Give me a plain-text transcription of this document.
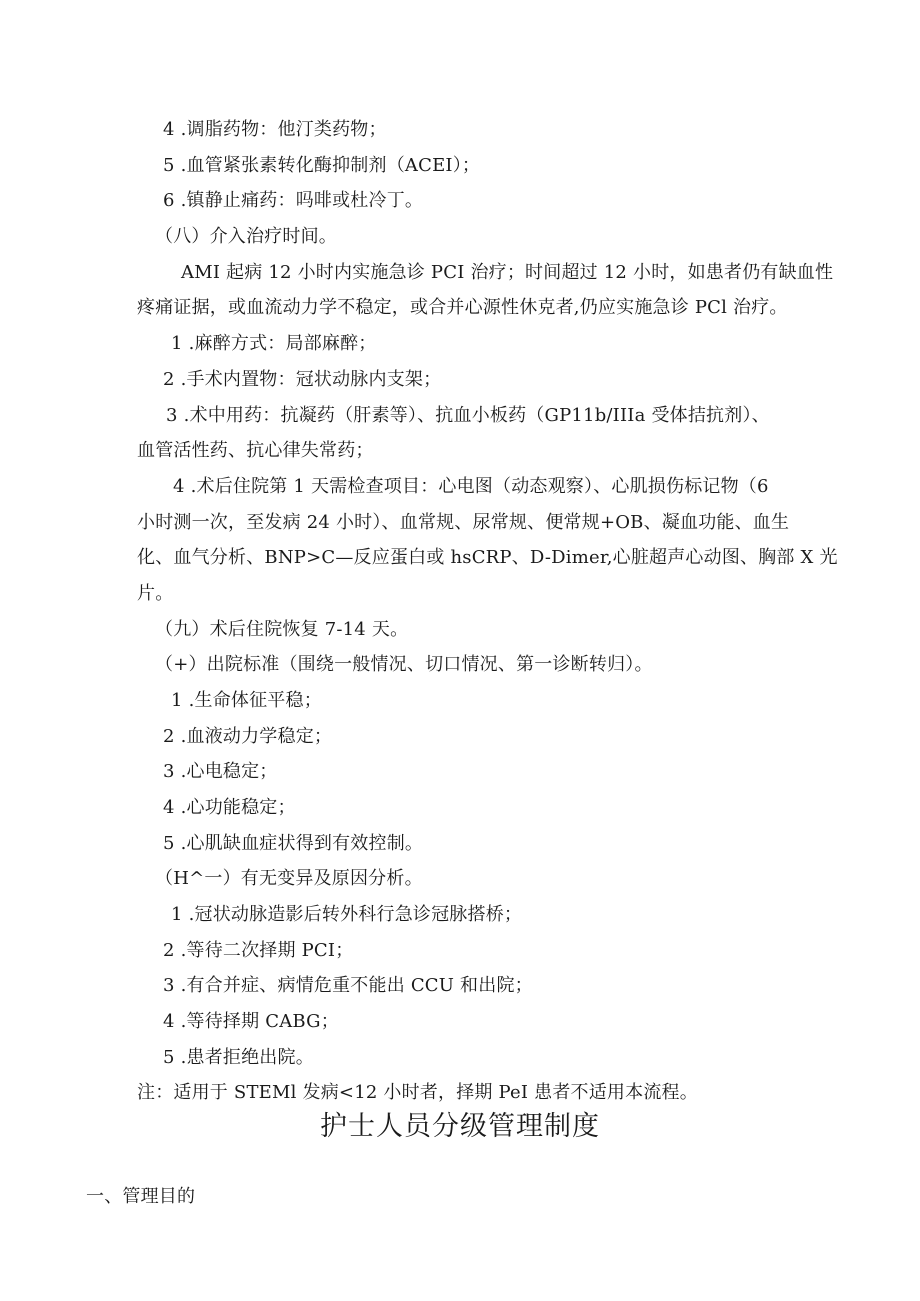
4 .调脂药物：他汀类药物；
5 .血管紧张素转化酶抑制剂（ACEI）；
6 .镇静止痛药：吗啡或杜冷丁。
（八）介入治疗时间。
AMI 起病 12 小时内实施急诊 PCI 治疗；时间超过 12 小时，如患者仍有缺血性
疼痛证据，或血流动力学不稳定，或合并心源性休克者,仍应实施急诊 PCl 治疗。
1 .麻醉方式：局部麻醉；
2 .手术内置物：冠状动脉内支架；
3 .术中用药：抗凝药（肝素等）、抗血小板药（GP11b/IIIa 受体拮抗剂）、
血管活性药、抗心律失常药；
4 .术后住院第 1 天需检查项目：心电图（动态观察）、心肌损伤标记物（6
小时测一次，至发病 24 小时）、血常规、尿常规、便常规+OB、凝血功能、血生
化、血气分析、BNP>C—反应蛋白或 hsCRP、D-Dimer,心脏超声心动图、胸部 X 光
片。
（九）术后住院恢复 7-14 天。
（+）出院标准（围绕一般情况、切口情况、第一诊断转归）。
1 .生命体征平稳；
2 .血液动力学稳定；
3 .心电稳定；
4 .心功能稳定；
5 .心肌缺血症状得到有效控制。
（H^一）有无变异及原因分析。
1 .冠状动脉造影后转外科行急诊冠脉搭桥；
2 .等待二次择期 PCI；
3 .有合并症、病情危重不能出 CCU 和出院；
4 .等待择期 CABG；
5 .患者拒绝出院。
注：适用于 STEMl 发病<12 小时者，择期 PeI 患者不适用本流程。
护士人员分级管理制度
一、管理目的
